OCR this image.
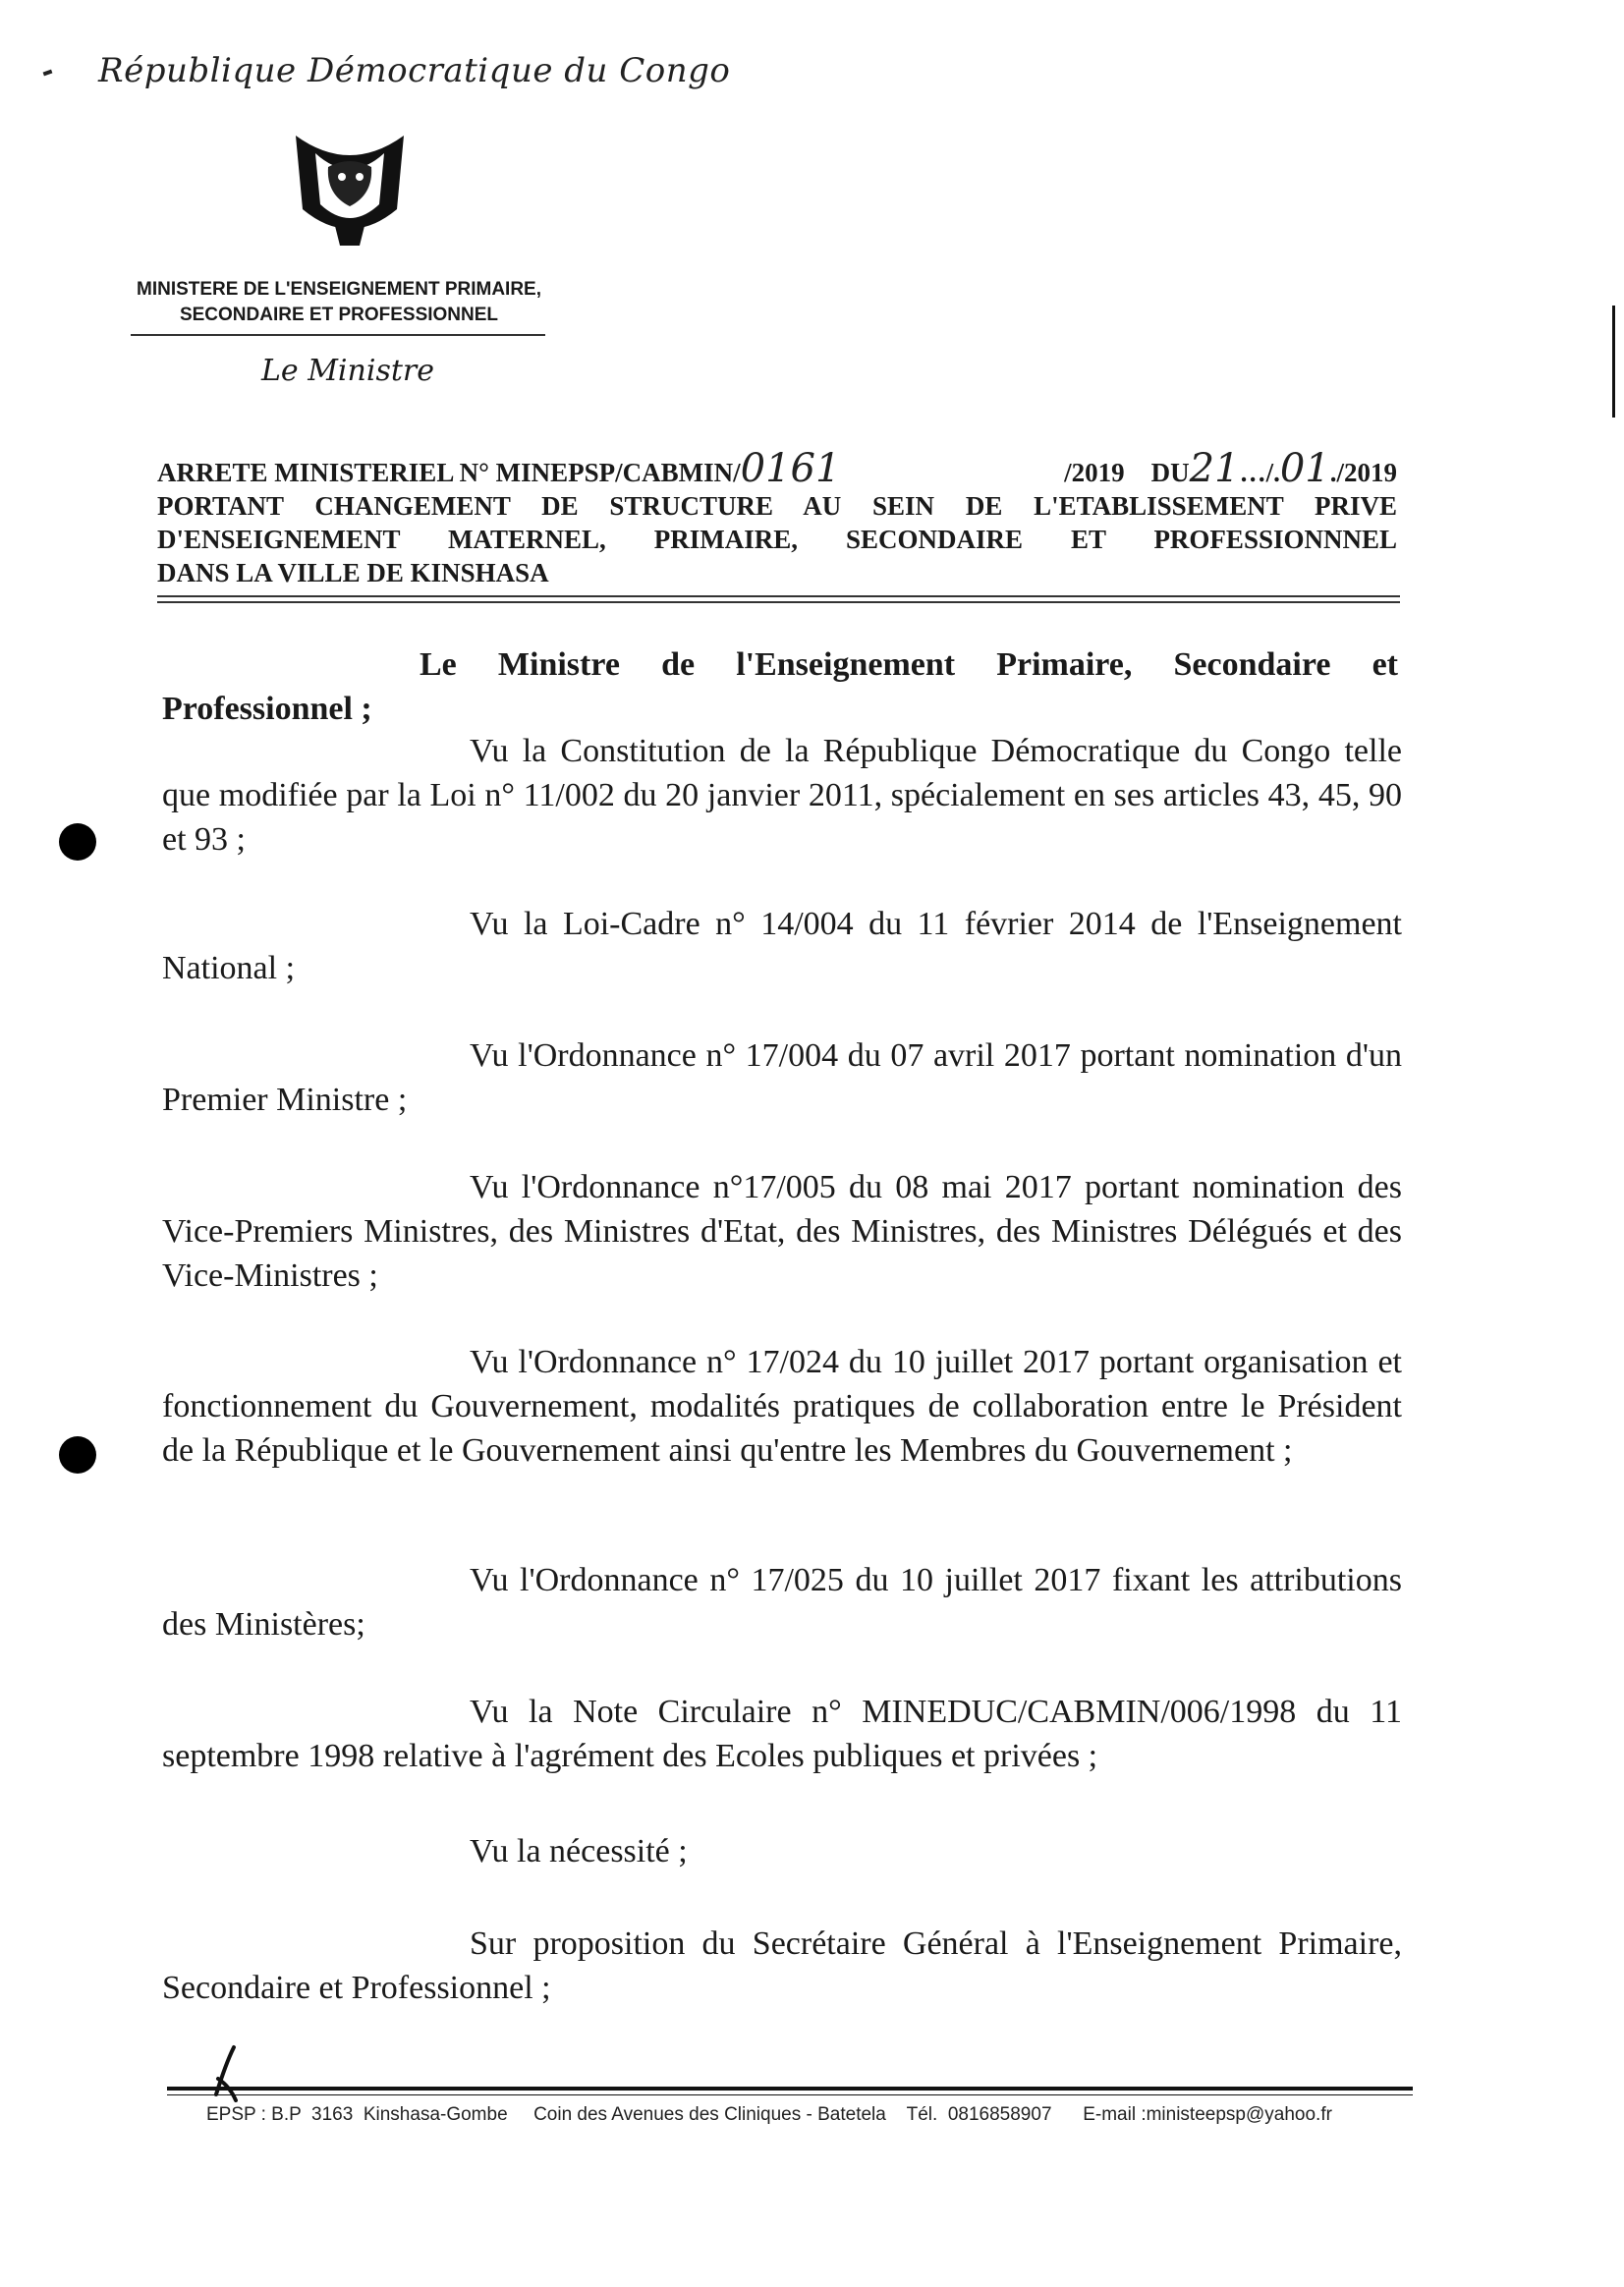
République Démocratique du Congo
MINISTERE DE L'ENSEIGNEMENT PRIMAIRE,
SECONDAIRE ET PROFESSIONNEL
Le Ministre
ARRETE MINISTERIEL N° MINEPSP/CABMIN/0161	/2019 DU21…/.01./2019
PORTANT CHANGEMENT DE STRUCTURE AU SEIN DE L'ETABLISSEMENT PRIVE
D'ENSEIGNEMENT MATERNEL, PRIMAIRE, SECONDAIRE ET PROFESSIONNNEL
DANS LA VILLE DE KINSHASA
Le Ministre de l'Enseignement Primaire, Secondaire et Professionnel ;
Vu la Constitution de la République Démocratique du Congo telle que modifiée par la Loi n° 11/002 du 20 janvier 2011, spécialement en ses articles 43, 45, 90 et 93 ;
Vu la Loi-Cadre n° 14/004 du 11 février 2014 de l'Enseignement National ;
Vu l'Ordonnance n° 17/004 du 07 avril 2017 portant nomination d'un Premier Ministre ;
Vu l'Ordonnance n°17/005 du 08 mai 2017 portant nomination des Vice-Premiers Ministres, des Ministres d'Etat, des Ministres, des Ministres Délégués et des Vice-Ministres ;
Vu l'Ordonnance n° 17/024 du 10 juillet 2017 portant organisation et fonctionnement du Gouvernement, modalités pratiques de collaboration entre le Président de la République et le Gouvernement ainsi qu'entre les Membres du Gouvernement ;
Vu l'Ordonnance n° 17/025 du 10 juillet 2017 fixant les attributions des Ministères;
Vu la Note Circulaire n° MINEDUC/CABMIN/006/1998 du 11 septembre 1998 relative à l'agrément des Ecoles publiques et privées ;
Vu la nécessité ;
Sur proposition du Secrétaire Général à l'Enseignement Primaire, Secondaire et Professionnel ;
EPSP : B.P  3163  Kinshasa-Gombe Coin des Avenues des Cliniques - Batetela Tél.  0816858907 E-mail :ministeepsp@yahoo.fr
